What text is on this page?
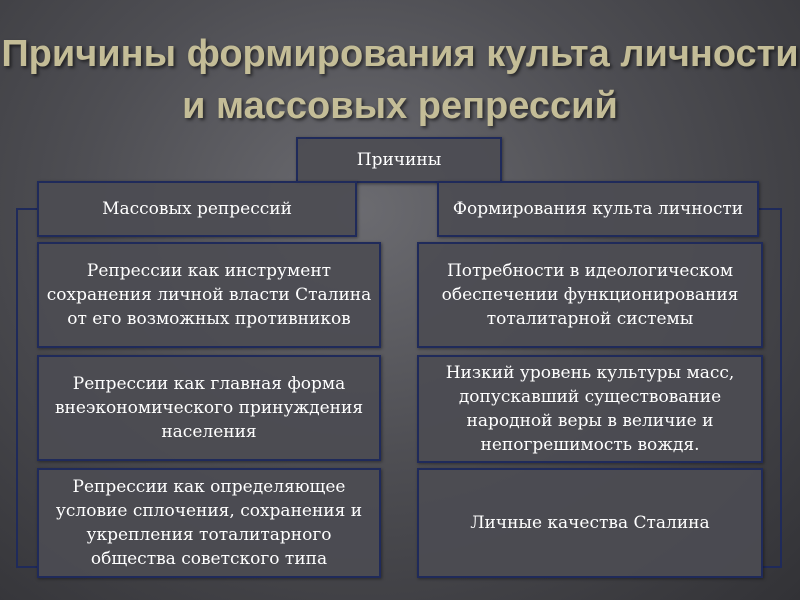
Причины формирования культа личности и массовых репрессий
Причины
Массовых репрессий	Формирования культа личности
Репрессии как инструмент сохранения личной власти Сталина от его возможных противников
Репрессии как главная форма внеэкономического принуждения населения
Репрессии как определяющее условие сплочения, сохранения и укрепления тоталитарного общества советского типа
Потребности в идеологическом обеспечении функционирования тоталитарной системы
Низкий уровень культуры масс, допускавший существование народной веры в величие и непогрешимость вождя.
Личные качества Сталина
